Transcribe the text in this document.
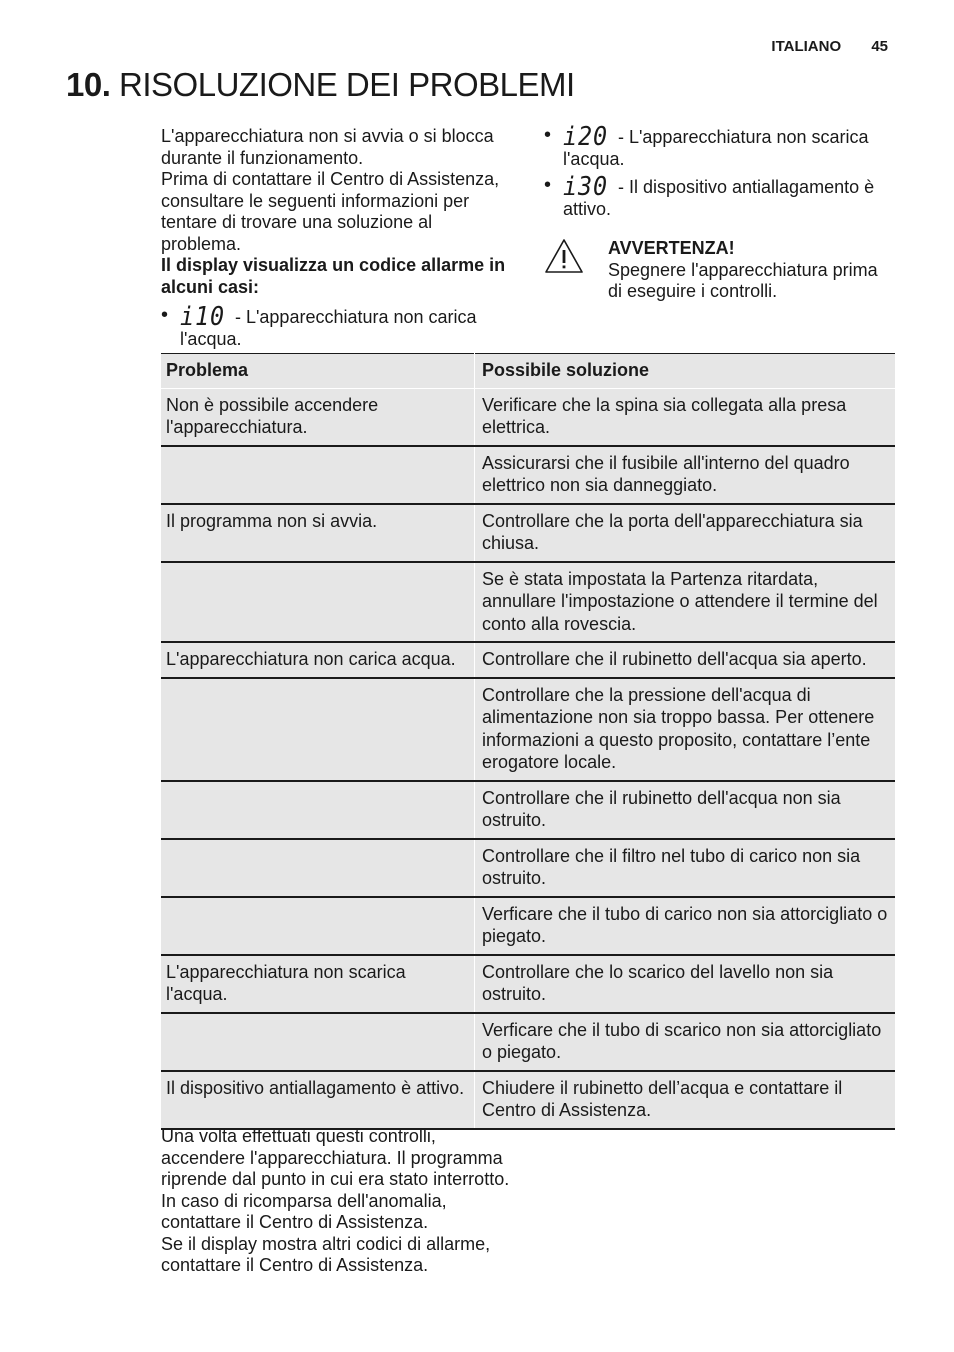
ITALIANO 45
10. RISOLUZIONE DEI PROBLEMI

L'apparecchiatura non si avvia o si blocca durante il funzionamento.

Prima di contattare il Centro di Assistenza, consultare le seguenti informazioni per tentare di trovare una soluzione al problema.

Il display visualizza un codice allarme in alcuni casi:

• i10 - L'apparecchiatura non carica l'acqua.
• i20 - L'apparecchiatura non scarica l'acqua.
• i30 - Il dispositivo antiallagamento è attivo.
AVVERTENZA!
Spegnere l'apparecchiatura prima di eseguire i controlli.
Problema	Possibile soluzione
Non è possibile accendere l'apparecchiatura.	Verificare che la spina sia collegata alla presa elettrica.
	Assicurarsi che il fusibile all'interno del quadro elettrico non sia danneggiato.
Il programma non si avvia.	Controllare che la porta dell'apparecchiatura sia chiusa.
	Se è stata impostata la Partenza ritardata, annullare l'impostazione o attendere il termine del conto alla rovescia.
L'apparecchiatura non carica acqua.	Controllare che il rubinetto dell'acqua sia aperto.
	Controllare che la pressione dell'acqua di alimentazione non sia troppo bassa. Per ottenere informazioni a questo proposito, contattare l’ente erogatore locale.
	Controllare che il rubinetto dell'acqua non sia ostruito.
	Controllare che il filtro nel tubo di carico non sia ostruito.
	Verficare che il tubo di carico non sia attorcigliato o piegato.
L'apparecchiatura non scarica l'acqua.	Controllare che lo scarico del lavello non sia ostruito.
	Verficare che il tubo di scarico non sia attorcigliato o piegato.
Il dispositivo antiallagamento è attivo.	Chiudere il rubinetto dell’acqua e contattare il Centro di Assistenza.

Una volta effettuati questi controlli, accendere l'apparecchiatura. Il programma riprende dal punto in cui era stato interrotto.

In caso di ricomparsa dell'anomalia, contattare il Centro di Assistenza.

Se il display mostra altri codici di allarme, contattare il Centro di Assistenza.
